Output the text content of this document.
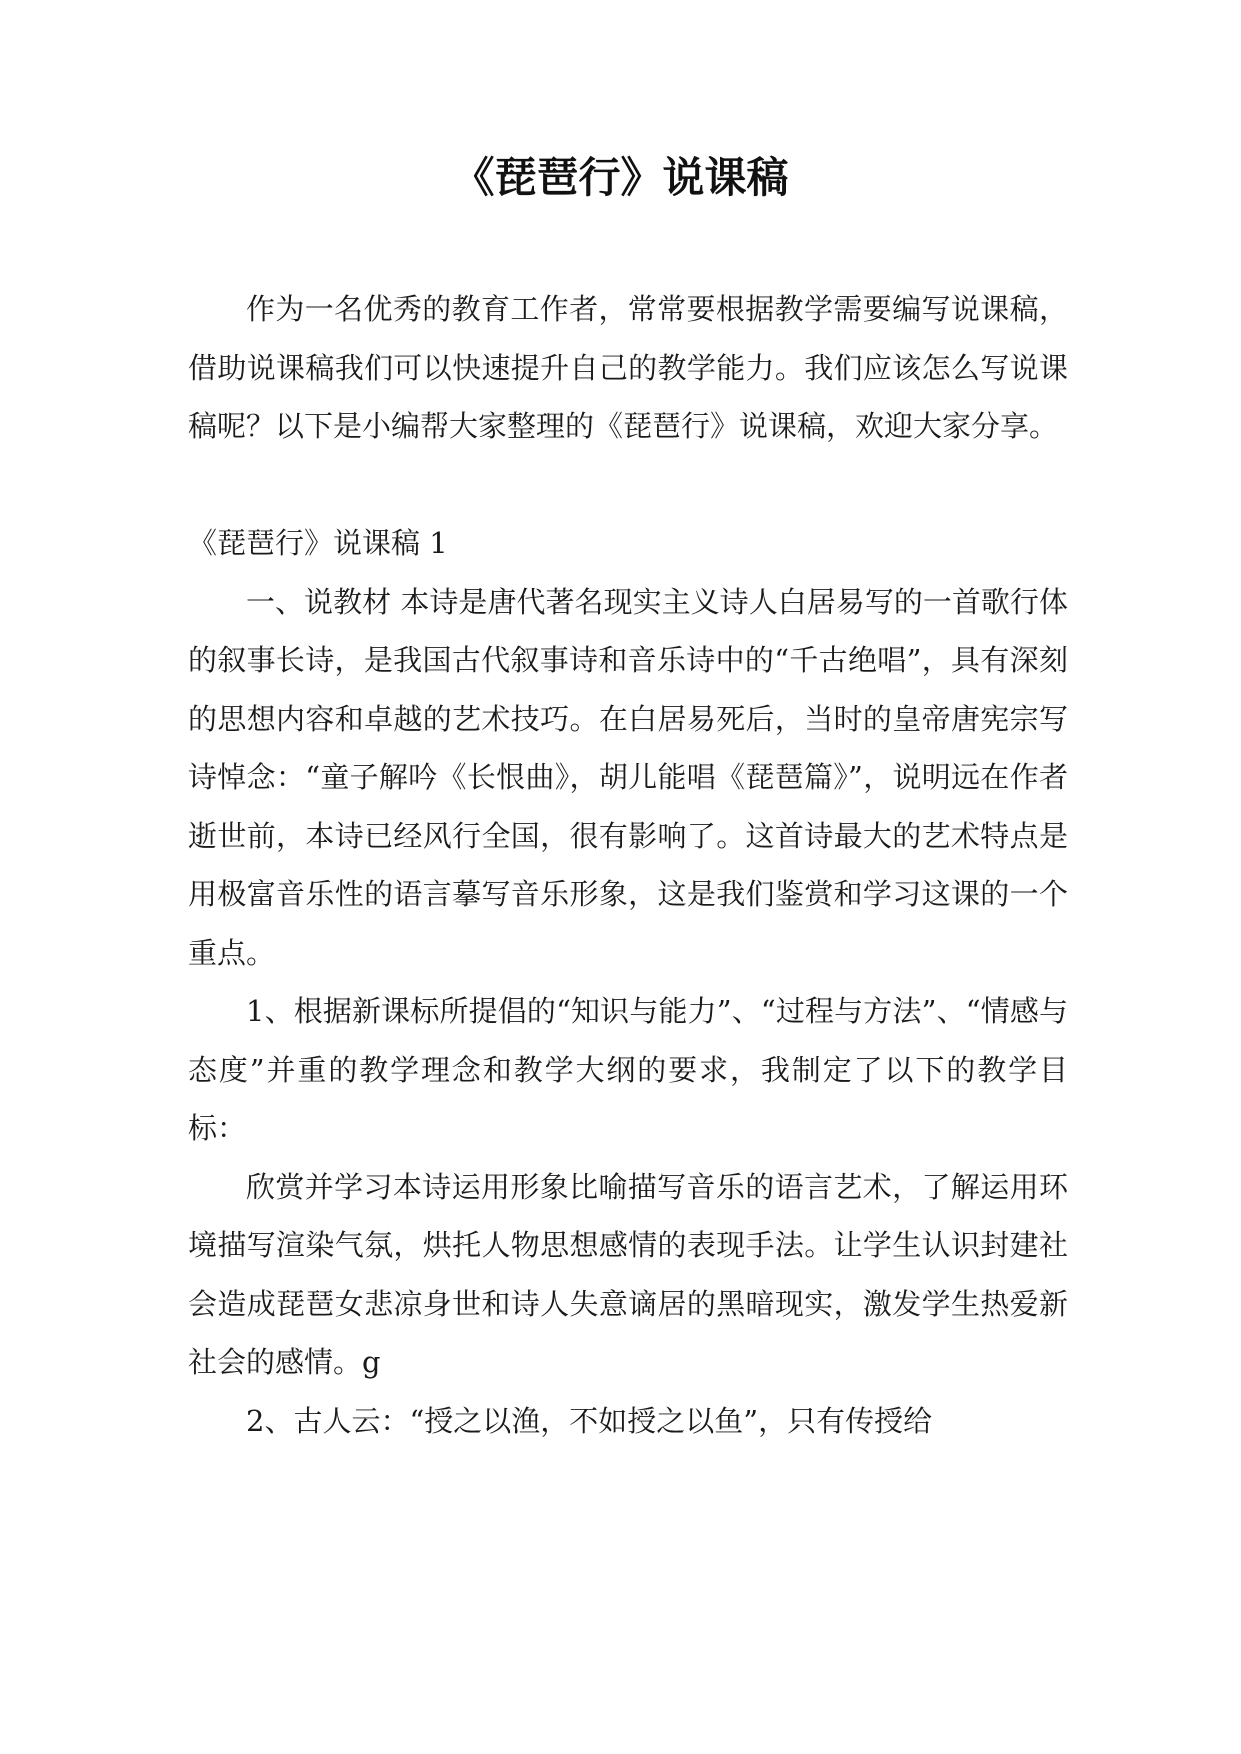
《琵琶行》说课稿

作为一名优秀的教育工作者，常常要根据教学需要编写说课稿，借助说课稿我们可以快速提升自己的教学能力。我们应该怎么写说课稿呢？以下是小编帮大家整理的《琵琶行》说课稿，欢迎大家分享。

《琵琶行》说课稿 1

一、说教材 本诗是唐代著名现实主义诗人白居易写的一首歌行体的叙事长诗，是我国古代叙事诗和音乐诗中的“千古绝唱”，具有深刻的思想内容和卓越的艺术技巧。在白居易死后，当时的皇帝唐宪宗写诗悼念：“童子解吟《长恨曲》，胡儿能唱《琵琶篇》”，说明远在作者逝世前，本诗已经风行全国，很有影响了。这首诗最大的艺术特点是用极富音乐性的语言摹写音乐形象，这是我们鉴赏和学习这课的一个重点。

1、根据新课标所提倡的“知识与能力”、“过程与方法”、“情感与态度”并重的教学理念和教学大纲的要求，我制定了以下的教学目标：

欣赏并学习本诗运用形象比喻描写音乐的语言艺术，了解运用环境描写渲染气氛，烘托人物思想感情的表现手法。让学生认识封建社会造成琵琶女悲凉身世和诗人失意谪居的黑暗现实，激发学生热爱新社会的感情。g

2、古人云：“授之以渔，不如授之以鱼”，只有传授给
